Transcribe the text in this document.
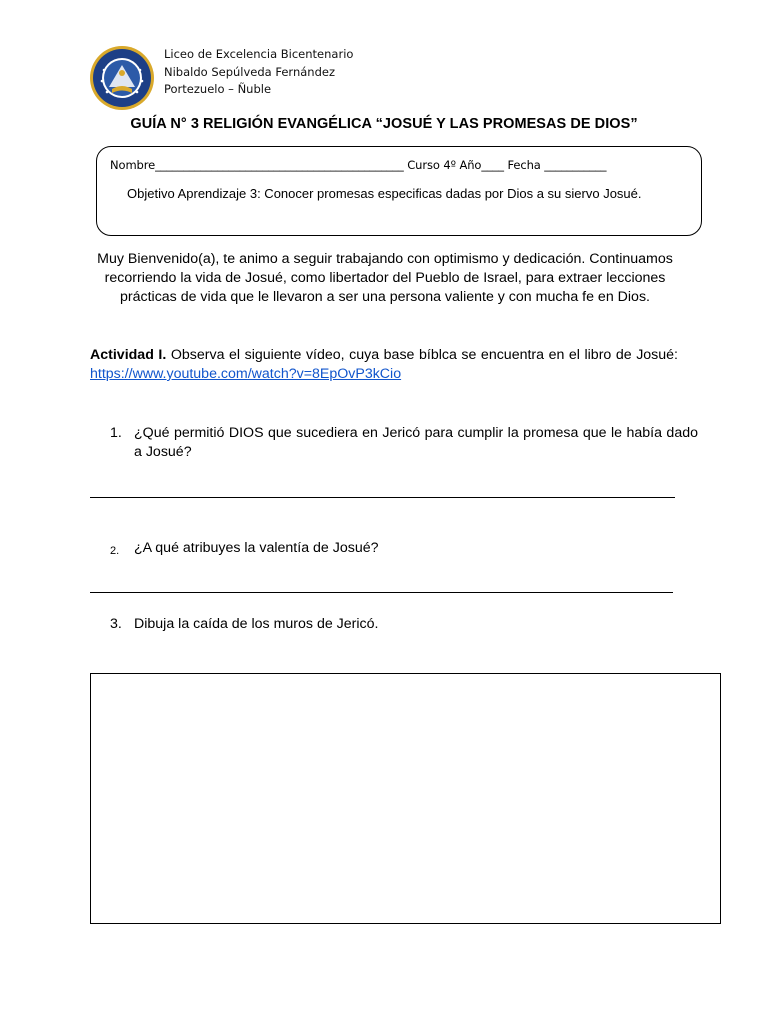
Liceo de Excelencia Bicentenario
Nibaldo Sepúlveda Fernández
Portezuelo – Ñuble
GUÍA N° 3 RELIGIÓN EVANGÉLICA “JOSUÉ Y LAS PROMESAS DE DIOS”
Nombre____________________________________________ Curso 4º Año____ Fecha ___________
Objetivo Aprendizaje 3: Conocer promesas especificas dadas por Dios a su siervo Josué.
Muy Bienvenido(a), te animo a seguir trabajando con optimismo y dedicación. Continuamos recorriendo la vida de Josué, como libertador del Pueblo de Israel, para extraer lecciones prácticas de vida que le llevaron a ser una persona valiente y con mucha fe en Dios.
Actividad I. Observa el siguiente vídeo, cuya base bíblca se encuentra en el libro de Josué: https://www.youtube.com/watch?v=8EpOvP3kCio
1. ¿Qué permitió DIOS que sucediera en Jericó para cumplir la promesa que le había dado a Josué?
2. ¿A qué atribuyes la valentía de Josué?
3. Dibuja la caída de los muros de Jericó.
